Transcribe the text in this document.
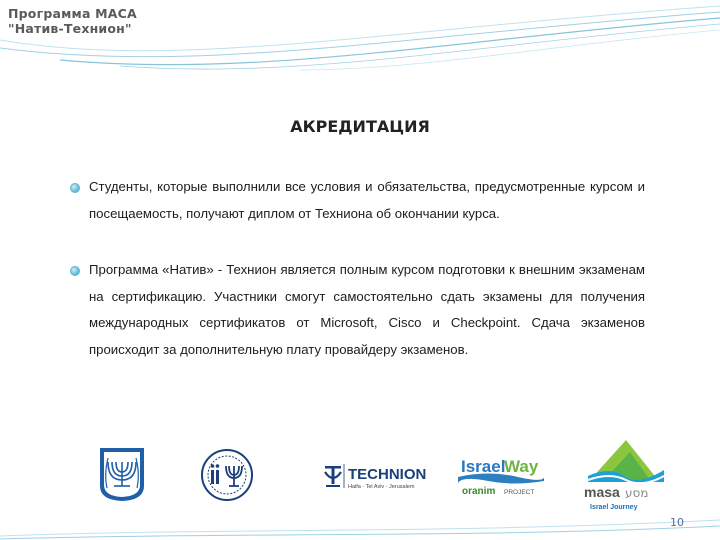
Программа МАСА
"Натив-Технион"
АКРЕДИТАЦИЯ
Студенты, которые выполнили все условия и обязательства, предусмотренные курсом и посещаемость, получают диплом от Техниона об окончании курса.
Программа «Натив» - Технион является полным курсом подготовки к внешним экзаменам на сертификацию. Участники смогут самостоятельно сдать экзамены для получения международных сертификатов от Microsoft, Cisco и Checkpoint. Сдача экзаменов происходит за дополнительную плату провайдеру экзаменов.
TECHNION
Haifa · Tel Aviv · Jerusalem
Israel
Way
oranim PROJECT	masa מסע
Israel Journey
10
